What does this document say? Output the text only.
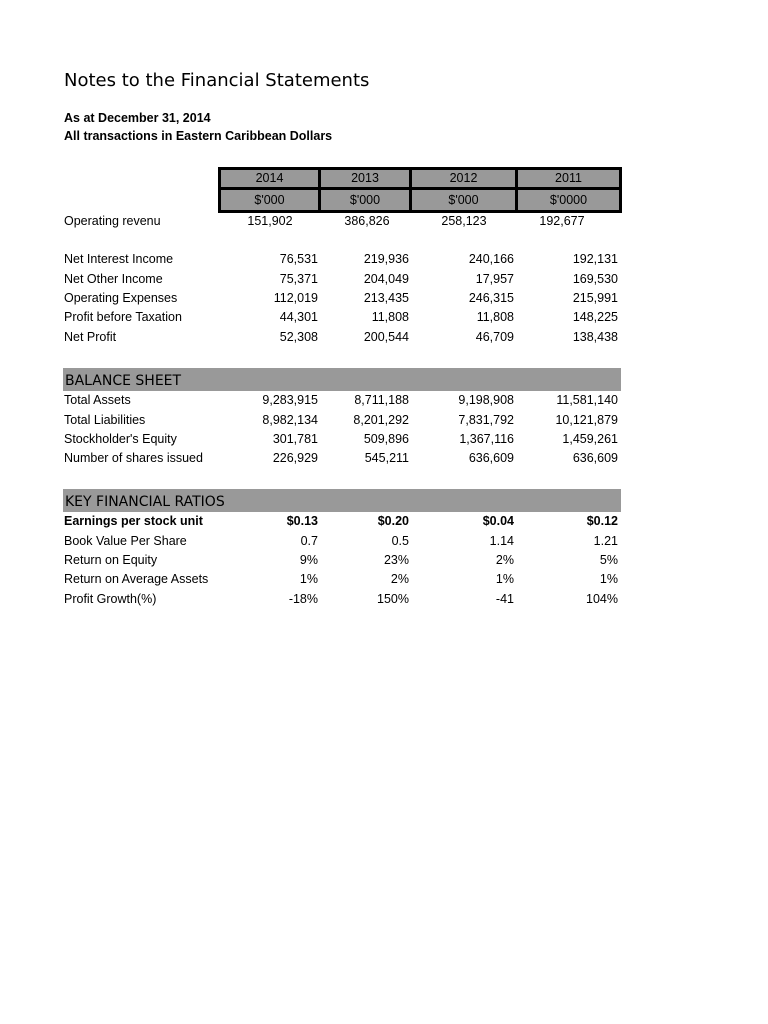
Notes to the Financial Statements
As at December 31, 2014
All transactions in Eastern Caribbean Dollars
2014	2013	2012	2011
$'000	$'000	$'000	$'0000
Operating revenu	151,902	386,826	258,123	192,677
Net Interest Income	76,531	219,936	240,166	192,131
Net Other Income	75,371	204,049	17,957	169,530
Operating Expenses	112,019	213,435	246,315	215,991
Profit before Taxation	44,301	11,808	11,808	148,225
Net Profit	52,308	200,544	46,709	138,438
BALANCE SHEET
Total Assets	9,283,915	8,711,188	9,198,908	11,581,140
Total Liabilities	8,982,134	8,201,292	7,831,792	10,121,879
Stockholder's Equity	301,781	509,896	1,367,116	1,459,261
Number of shares issued	226,929	545,211	636,609	636,609
KEY FINANCIAL RATIOS
Earnings per stock unit	$0.13	$0.20	$0.04	$0.12
Book Value Per Share	0.7	0.5	1.14	1.21
Return on Equity	9%	23%	2%	5%
Return on Average Assets	1%	2%	1%	1%
Profit Growth(%)	-18%	150%	-41	104%
